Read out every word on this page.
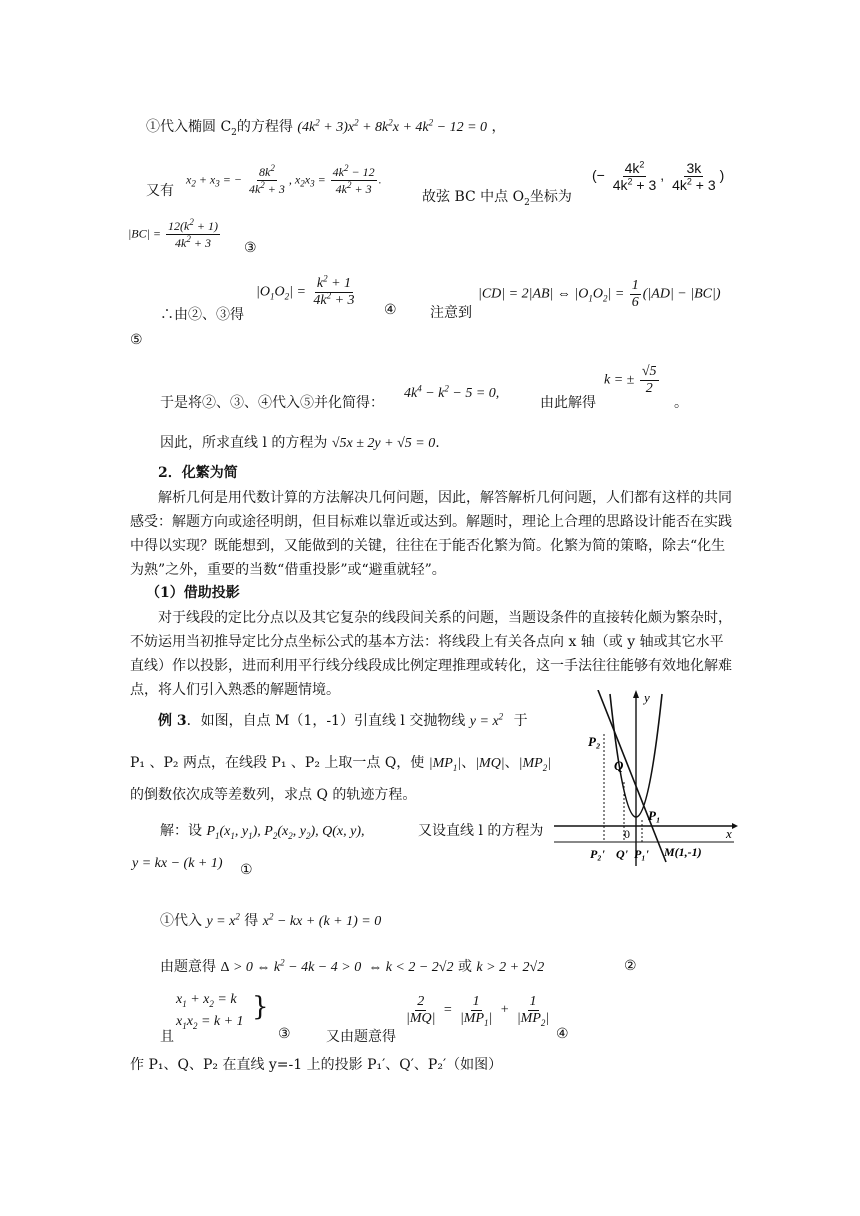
①代入椭圆 $C_2$的方程得 $(4k^2 + 3)x^2 + 8k^2x + 4k^2 - 12 = 0$ ，
又有
$x_2 + x_3$ = − $\frac{8k^2}{4k^2 + 3}$ , $x_2x_3 = \frac{4k^2 - 12}{4k^2 + 3}$ .
故弦 BC 中点 $O_2$坐标为
(− $\frac{4k^2}{4k^2 + 3}$ , $\frac{3k}{4k^2 + 3}$ )
$|BC| = \frac{12(k^2 + 1)}{4k^2 + 3}$ ③
∴由②、③得
$|O_1O_2| = \frac{k^2 + 1}{4k^2 + 3}$
④ 注意到
|CD| = 2|AB| ⇔ $|O_1O_2| = \frac{1}{6} (|AD| - |BC|)$
⑤
于是将②、③、④代入⑤并化简得：
$4k^4 - k^2 - 5 = 0$,
由此解得
k = ± $\frac{√5}{2}$
。
因此，所求直线 l 的方程为 √5x ± 2y + √5 = 0.
2．化繁为简
解析几何是用代数计算的方法解决几何问题，因此，解答解析几何问题，人们都有这样的共同感受：解题方向或途径明朗，但目标难以靠近或达到。解题时，理论上合理的思路设计能否在实践中得以实现？既能想到，又能做到的关键，往往在于能否化繁为简。化繁为简的策略，除去“化生为熟”之外，重要的当数“借重投影”或“避重就轻”。
（1）借助投影
对于线段的定比分点以及其它复杂的线段间关系的问题，当题设条件的直接转化颇为繁杂时，不妨运用当初推导定比分点坐标公式的基本方法：将线段上有关各点向 x 轴（或 y 轴或其它水平直线）作以投影，进而利用平行线分线段成比例定理推理或转化，这一手法往往能够有效地化解难点，将人们引入熟悉的解题情境。
例 3．如图，自点 M（1，-1）引直线 l 交抛物线 $y = x^2$ 于
P₁ 、P₂ 两点，在线段 P₁ 、P₂ 上取一点 Q，使 $|MP_1|$、|MQ|、$|MP_2|$
的倒数依次成等差数列，求点 Q 的轨迹方程。
解：设 $P_1(x_1$, $y_1$), $P_2(x_2$, $y_2$), Q(x, y),	又设直线 l 的方程为
y = kx − (k + 1) ①
①代入 $y = x^2$ 得 $x^2$ − kx + (k + 1) = 0
由题意得 Δ > 0 ⇔ $k^2 - 4k - 4 > 0$  ⇔ k < 2 − 2√2 或 k > 2 + 2√2	②
$x_1 + x_2 = k$
$x_1x_2 = k + 1$ }
且	③	又由题意得
$\frac{2}{|MQ|} = \frac{1}{|MP_1|} + \frac{1}{|MP_2|}$
④
作 P₁、Q、P₂ 在直线 y=-1 上的投影 P₁′、Q′、P₂′（如图）
x
y
P₂
Q
P₁
0
P₂' Q' P₁' M(1,-1)
